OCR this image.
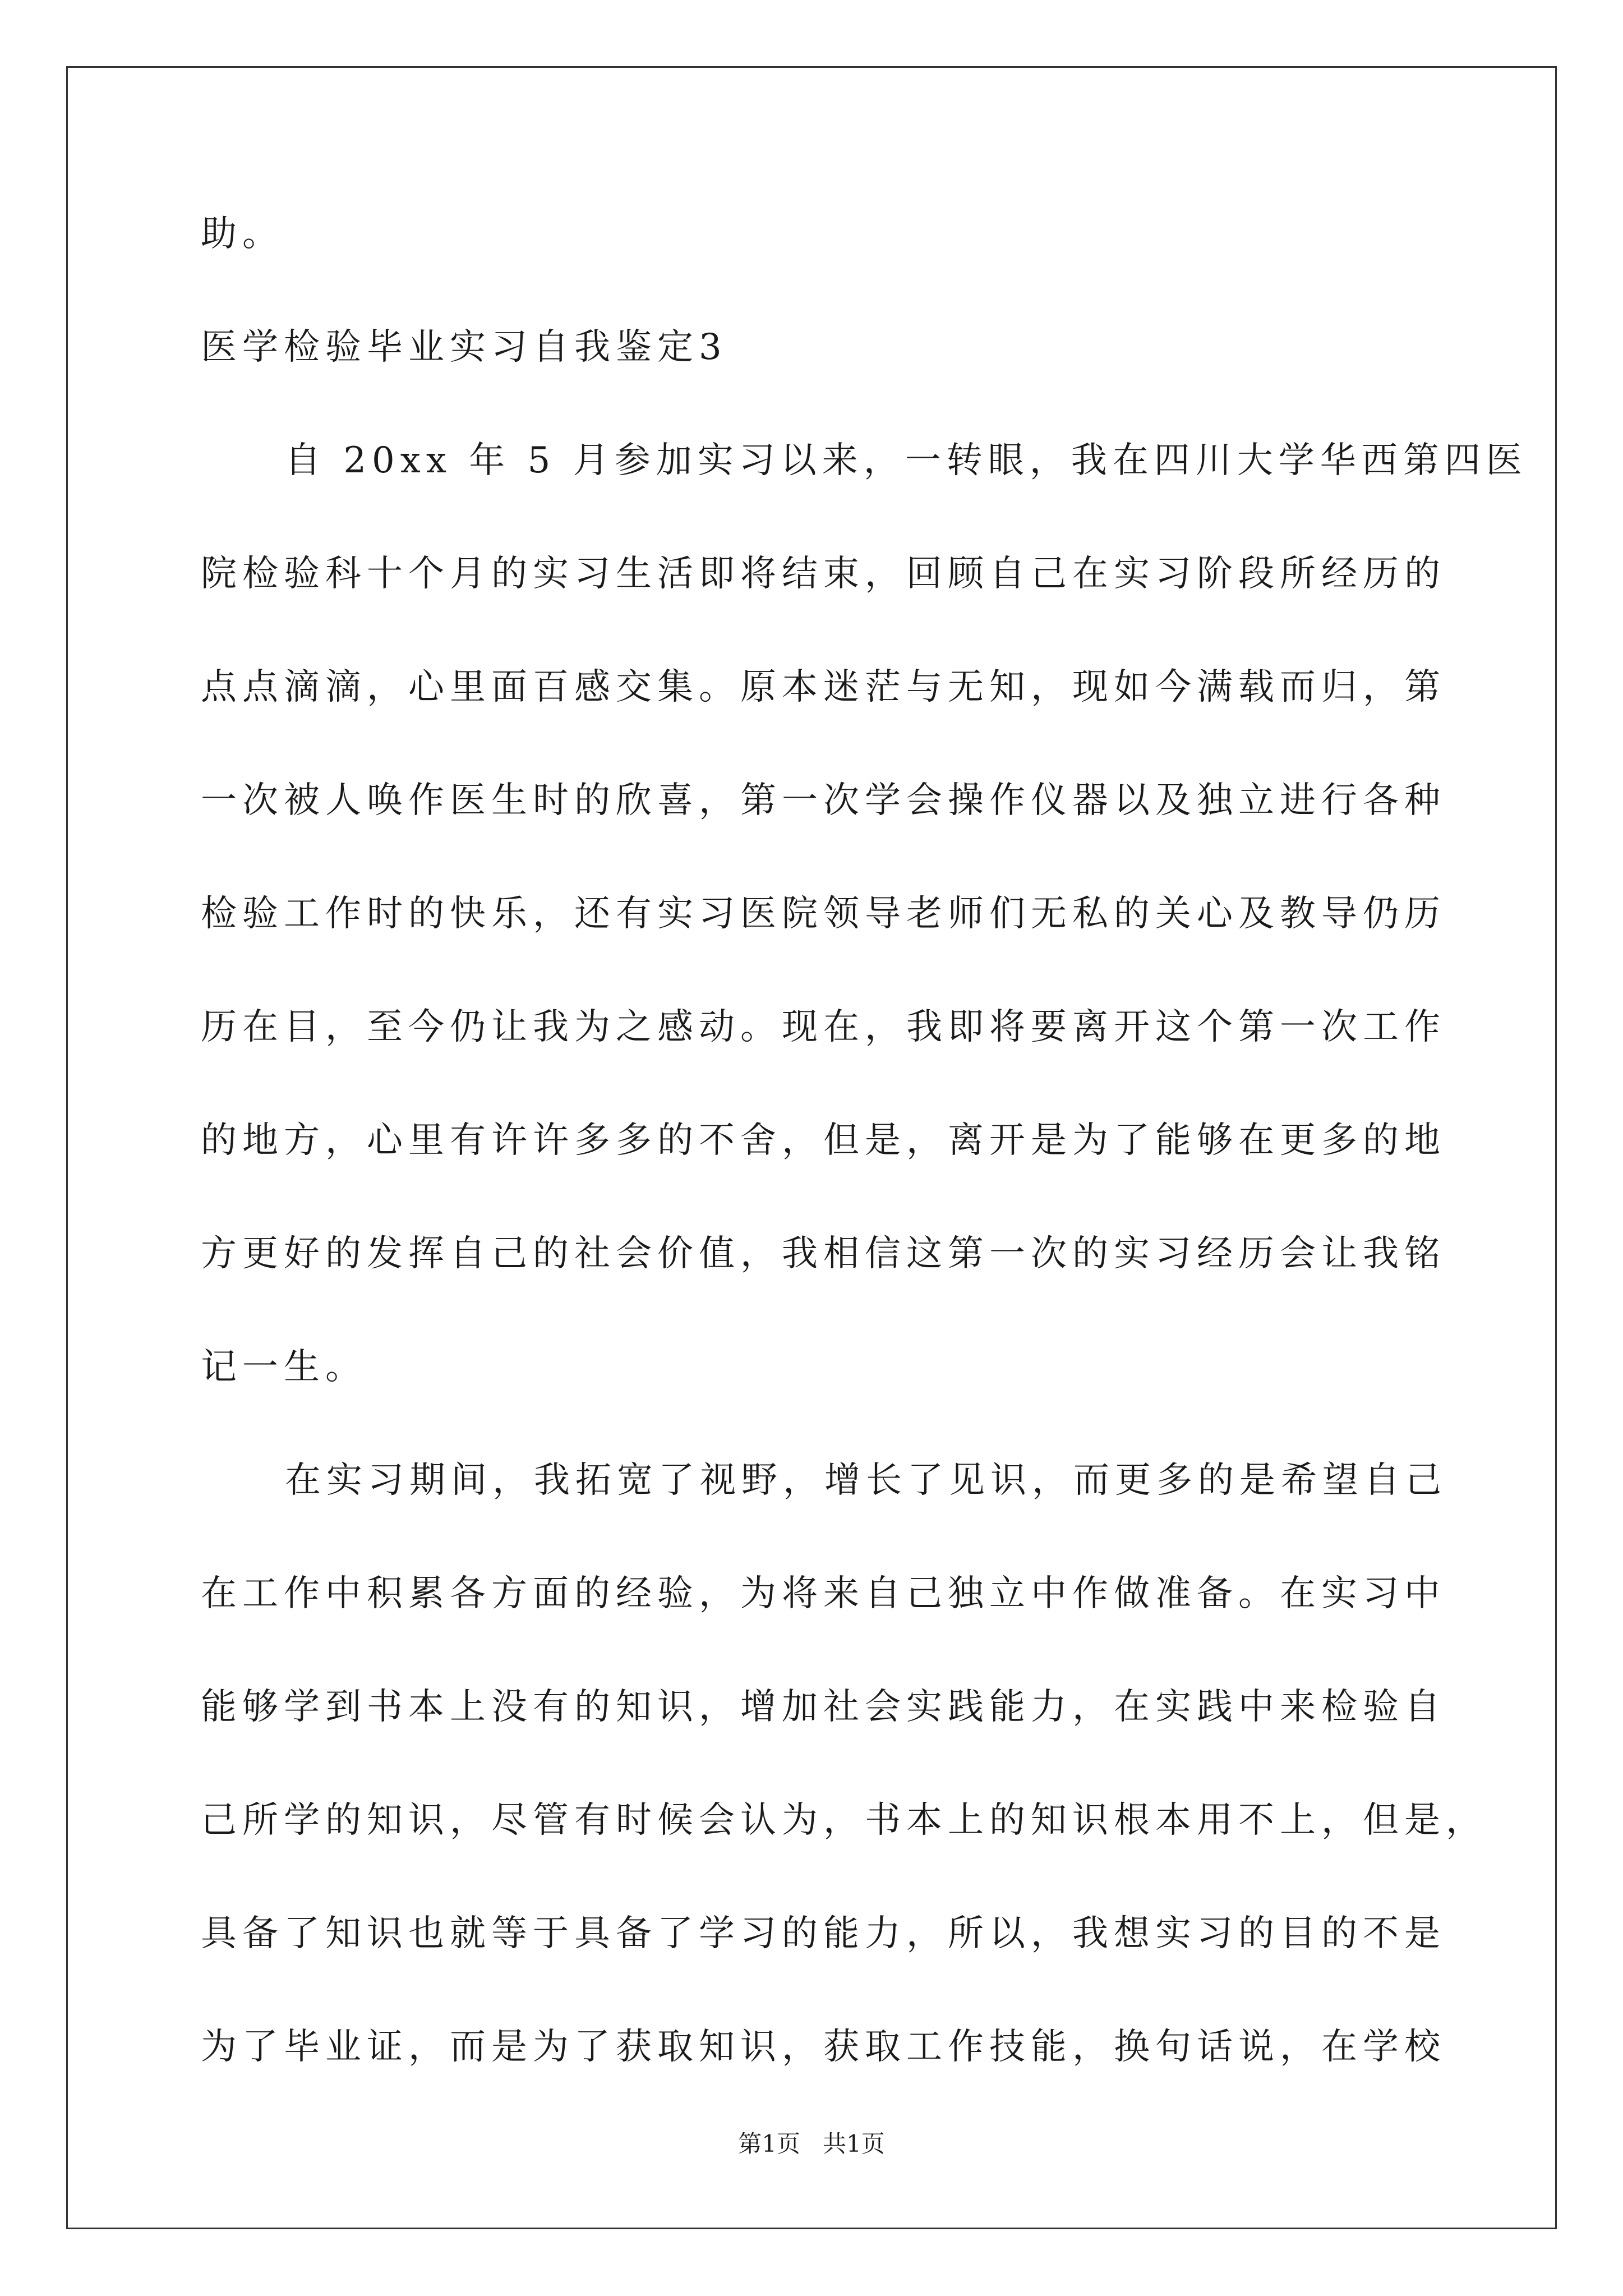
助。

医学检验毕业实习自我鉴定3

自 20xx 年 5 月参加实习以来，一转眼，我在四川大学华西第四医

院检验科十个月的实习生活即将结束，回顾自己在实习阶段所经历的

点点滴滴，心里面百感交集。原本迷茫与无知，现如今满载而归，第

一次被人唤作医生时的欣喜，第一次学会操作仪器以及独立进行各种

检验工作时的快乐，还有实习医院领导老师们无私的关心及教导仍历

历在目，至今仍让我为之感动。现在，我即将要离开这个第一次工作

的地方，心里有许许多多的不舍，但是，离开是为了能够在更多的地

方更好的发挥自己的社会价值，我相信这第一次的实习经历会让我铭

记一生。

在实习期间，我拓宽了视野，增长了见识，而更多的是希望自己

在工作中积累各方面的经验，为将来自己独立中作做准备。在实习中

能够学到书本上没有的知识，增加社会实践能力，在实践中来检验自

己所学的知识，尽管有时候会认为，书本上的知识根本用不上，但是，

具备了知识也就等于具备了学习的能力，所以，我想实习的目的不是

为了毕业证，而是为了获取知识，获取工作技能，换句话说，在学校

第1页   共1页
